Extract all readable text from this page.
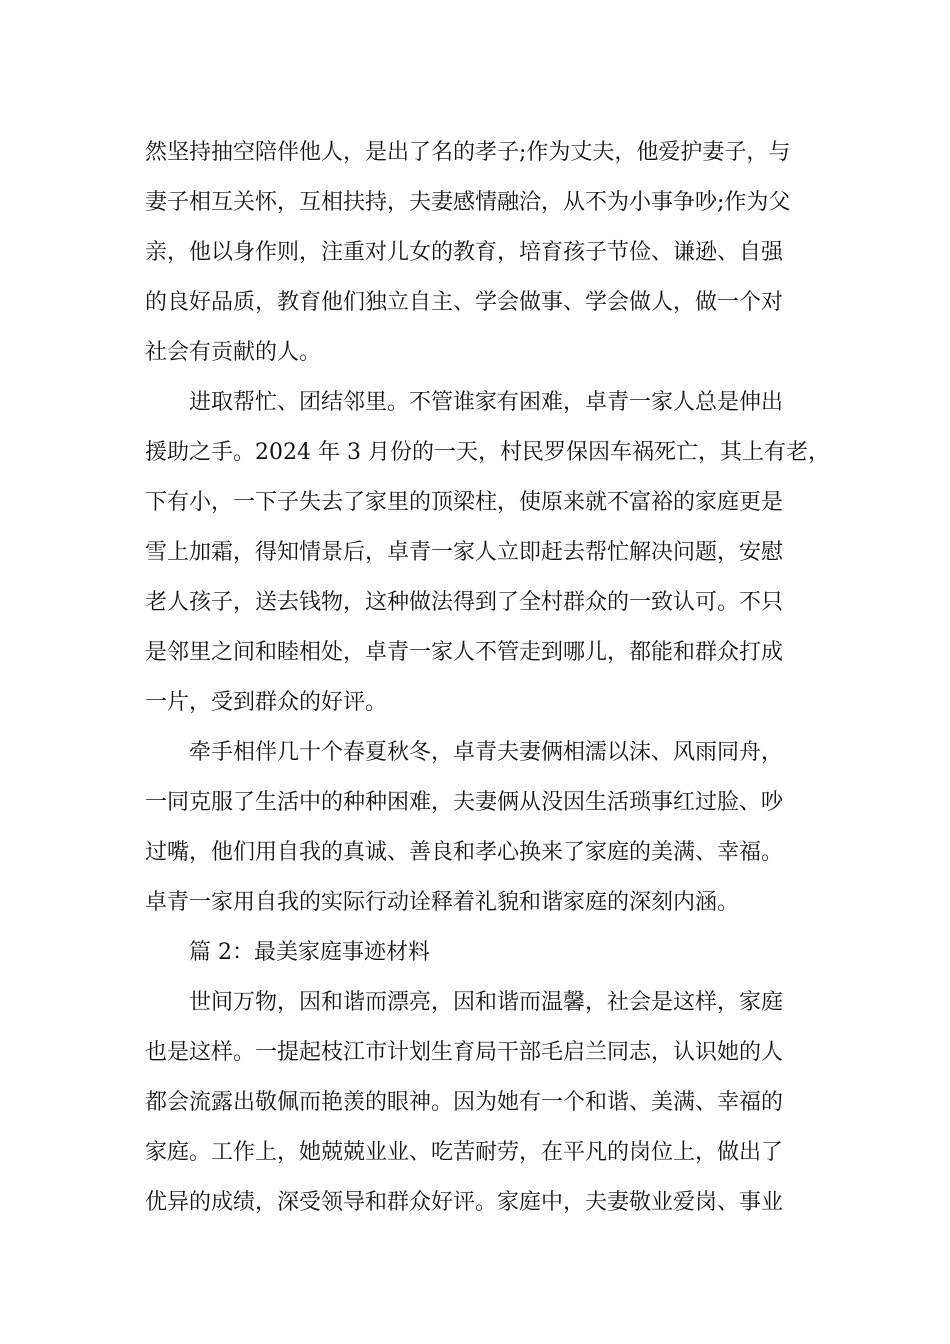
然坚持抽空陪伴他人，是出了名的孝子;作为丈夫，他爱护妻子，与
妻子相互关怀，互相扶持，夫妻感情融洽，从不为小事争吵;作为父
亲，他以身作则，注重对儿女的教育，培育孩子节俭、谦逊、自强
的良好品质，教育他们独立自主、学会做事、学会做人，做一个对
社会有贡献的人。
进取帮忙、团结邻里。不管谁家有困难，卓青一家人总是伸出
援助之手。2024 年 3 月份的一天，村民罗保因车祸死亡，其上有老，
下有小，一下子失去了家里的顶梁柱，使原来就不富裕的家庭更是
雪上加霜，得知情景后，卓青一家人立即赶去帮忙解决问题，安慰
老人孩子，送去钱物，这种做法得到了全村群众的一致认可。不只
是邻里之间和睦相处，卓青一家人不管走到哪儿，都能和群众打成
一片，受到群众的好评。
牵手相伴几十个春夏秋冬，卓青夫妻俩相濡以沫、风雨同舟，
一同克服了生活中的种种困难，夫妻俩从没因生活琐事红过脸、吵
过嘴，他们用自我的真诚、善良和孝心换来了家庭的美满、幸福。
卓青一家用自我的实际行动诠释着礼貌和谐家庭的深刻内涵。
篇 2：最美家庭事迹材料
世间万物，因和谐而漂亮，因和谐而温馨，社会是这样，家庭
也是这样。一提起枝江市计划生育局干部毛启兰同志，认识她的人
都会流露出敬佩而艳羡的眼神。因为她有一个和谐、美满、幸福的
家庭。工作上，她兢兢业业、吃苦耐劳，在平凡的岗位上，做出了
优异的成绩，深受领导和群众好评。家庭中，夫妻敬业爱岗、事业
